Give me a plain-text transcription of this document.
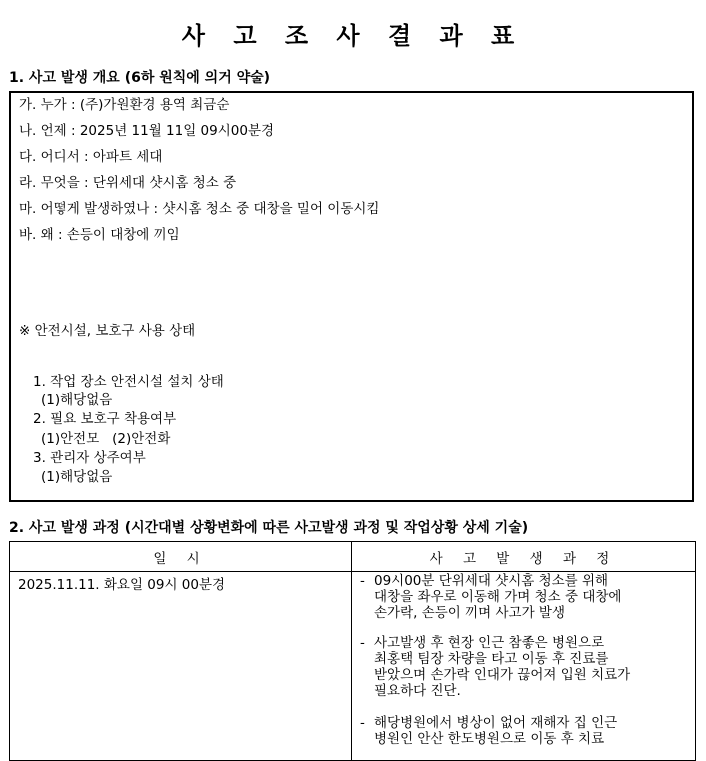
사 고 조 사 결 과 표
1. 사고 발생 개요 (6하 원칙에 의거 약술)
가. 누가 : (주)가원환경 용역 최금순
나. 언제 : 2025년 11월 11일 09시00분경
다. 어디서 : 아파트 세대
라. 무엇을 : 단위세대 샷시홈 청소 중
마. 어떻게 발생하였나 : 샷시홈 청소 중 대창을 밀어 이동시킴
바. 왜 : 손등이 대창에 끼임
※ 안전시설, 보호구 사용 상태
1. 작업 장소 안전시설 설치 상태
(1)해당없음
2. 필요 보호구 착용여부
(1)안전모   (2)안전화
3. 관리자 상주여부
(1)해당없음
2. 사고 발생 과정 (시간대별 상황변화에 따른 사고발생 과정 및 작업상황 상세 기술)
일 시	사 고 발 생 과 정
2025.11.11. 화요일 09시 00분경	- 09시00분 단위세대 샷시홈 청소를 위해
대창을 좌우로 이동해 가며 청소 중 대창에
손가락, 손등이 끼며 사고가 발생
- 사고발생 후 현장 인근 참좋은 병원으로
최홍택 팀장 차량을 타고 이동 후 진료를
받았으며 손가락 인대가 끊어져 입원 치료가
필요하다 진단.
- 해당병원에서 병상이 없어 재해자 집 인근
병원인 안산 한도병원으로 이동 후 치료
